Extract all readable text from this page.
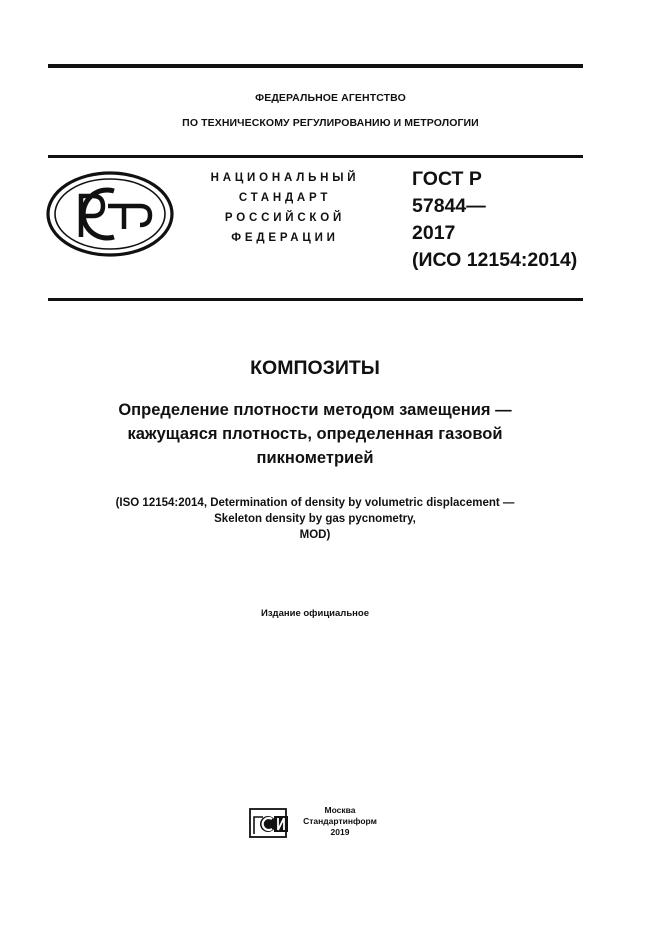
ФЕДЕРАЛЬНОЕ АГЕНТСТВО
ПО ТЕХНИЧЕСКОМУ РЕГУЛИРОВАНИЮ И МЕТРОЛОГИИ
НАЦИОНАЛЬНЫЙ
СТАНДАРТ
РОССИЙСКОЙ
ФЕДЕРАЦИИ
ГОСТ Р
57844—
2017
(ИСО 12154:2014)
КОМПОЗИТЫ
Определение плотности методом замещения —
кажущаяся плотность, определенная газовой
пикнометрией
(ISO 12154:2014, Determination of density by volumetric displacement —
Skeleton density by gas pycnometry,
MOD)
Издание официальное
Москва
Стандартинформ
2019
